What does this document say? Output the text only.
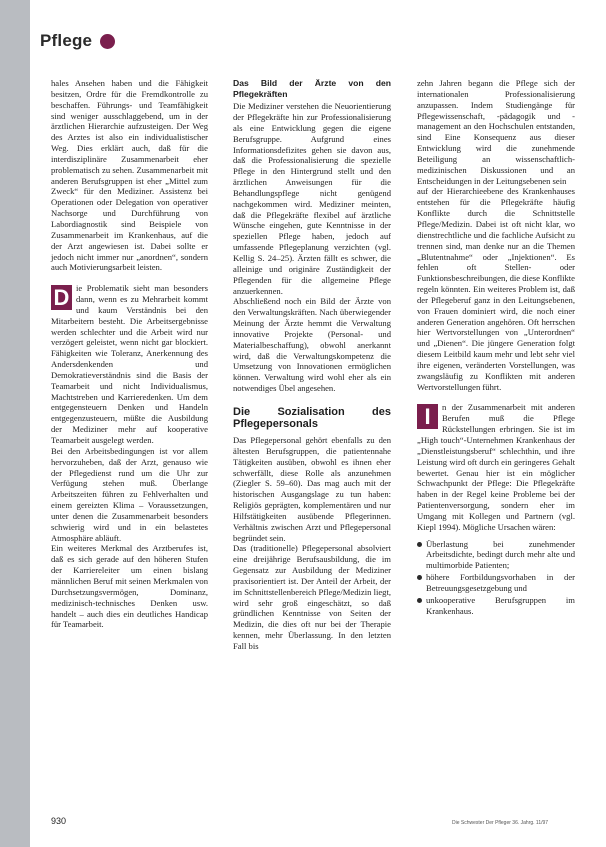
Pflege

hales Ansehen haben und die Fähigkeit besitzen, Ordre für die Fremdkontrolle zu beschaffen. Führungs- und Teamfähigkeit sind weniger ausschlaggebend, um in der ärztlichen Hierarchie aufzusteigen. Der Weg des Arztes ist also ein individualistischer Weg. Dies erklärt auch, daß für die interdisziplinäre Zusammenarbeit eher problematisch zu sehen. Zusammenarbeit mit anderen Berufsgruppen ist eher „Mittel zum Zweck“ für den Mediziner. Assistenz bei Operationen oder Delegation von operativer Nachsorge und Durchführung von Labordiagnostik sind Beispiele von Zusammenarbeit im Krankenhaus, auf die der Arzt angewiesen ist. Dabei sollte er jedoch nicht immer nur „anordnen“, sondern auch Motivierungsarbeit leisten.

D ie Problematik sieht man besonders dann, wenn es zu Mehrarbeit kommt und kaum Verständnis bei den Mitarbeitern besteht. Die Arbeitsergebnisse werden schlechter und die Arbeit wird nur verzögert geleistet, wenn nicht gar blockiert. Fähigkeiten wie Toleranz, Anerkennung des Andersdenkenden und Demokratieverständnis sind die Basis der Teamarbeit und nicht Individualismus, Machtstreben und Karrieredenken. Um dem entgegensteuern Denken und Handeln entgegenzusteuern, müßte die Ausbildung der Mediziner mehr auf kooperative Teamarbeit ausgelegt werden.

Bei den Arbeitsbedingungen ist vor allem hervorzuheben, daß der Arzt, genauso wie der Pflegedienst rund um die Uhr zur Verfügung stehen muß. Überlange Arbeitszeiten führen zu Fehlverhalten und einem gereizten Klima – Voraussetzungen, unter denen die Zusammenarbeit besonders schwierig wird und in ein belastetes Atmosphäre abläuft.

Ein weiteres Merkmal des Arztberufes ist, daß es sich gerade auf den höheren Stufen der Karriereleiter um einen bislang männlichen Beruf mit seinen Merkmalen von Durchsetzungsvermögen, Dominanz, medizinisch-technisches Denken usw. handelt – auch dies ein deutliches Handicap für Teamarbeit.

Das Bild der Ärzte von den Pflegekräften

Die Mediziner verstehen die Neuorientierung der Pflegekräfte hin zur Professionalisierung als eine Entwicklung gegen die eigene Berufsgruppe. Aufgrund eines Informationsdefizites gehen sie davon aus, daß die Professionalisierung die spezielle Pflege in den Hintergrund stellt und den ärztlichen Anweisungen für die Behandlungspflege nicht genügend nachgekommen wird. Mediziner meinten, daß die Pflegekräfte flexibel auf ärztliche Wünsche eingehen, gute Kenntnisse in der speziellen Pflege haben, jedoch auf umfassende Pflegeplanung verzichten (vgl. Kellig S. 24–25). Ärzten fällt es schwer, die alleinige und originäre Zuständigkeit der Pflegenden für die allgemeine Pflege anzuerkennen.

Abschließend noch ein Bild der Ärzte von den Verwaltungskräften. Nach überwiegender Meinung der Ärzte hemmt die Verwaltung innovative Projekte (Personal- und Materialbeschaffung), obwohl anerkannt wird, daß die Verwaltungskompetenz die Umsetzung von Innovationen ermöglichen können. Verwaltung wird wohl eher als ein notwendiges Übel angesehen.

Die Sozialisation des Pflegepersonals

Das Pflegepersonal gehört ebenfalls zu den ältesten Berufsgruppen, die patientennahe Tätigkeiten ausüben, obwohl es ihnen eher schwerfällt, diese Rolle als anzunehmen (Ziegler S. 59–60). Das mag auch mit der historischen Ausgangslage zu tun haben: Religiös geprägten, komplementären und nur Hilfstätigkeiten ausübende Pflegerinnen. Verhältnis zwischen Arzt und Pflegepersonal begründet sein.

Das (traditionelle) Pflegepersonal absolviert eine dreijährige Berufsausbildung, die im Gegensatz zur Ausbildung der Mediziner praxisorientiert ist. Der Anteil der Arbeit, der im Schnittstellenbereich Pflege/Medizin liegt, wird sehr groß eingeschätzt, so daß gründlichen Kenntnisse von Seiten der Medizin, die dies oft nur bei der Therapie kennen, mehr Überlassung. In den letzten Fall bis

zehn Jahren begann die Pflege sich der internationalen Professionalisierung anzupassen. Indem Studiengänge für Pflegewissenschaft, -pädagogik und -management an den Hochschulen entstanden, sind Eine Konsequenz aus dieser Entwicklung wird die zunehmende Beteiligung an wissenschaftlich-medizinischen Diskussionen und an Entscheidungen in der Leitungsebenen sein

auf der Hierarchieebene des Krankenhauses entstehen für die Pflegekräfte häufig Konflikte durch die Schnittstelle Pflege/Medizin. Dabei ist oft nicht klar, wo dienstrechtliche und die fachliche Aufsicht zu trennen sind, man denke nur an die Themen „Blutentnahme“ oder „Injektionen“. Es fehlen oft Stellen- oder Funktionsbeschreibungen, die diese Konflikte regeln könnten. Ein weiteres Problem ist, daß der Pflegeberuf ganz in den Leitungsebenen, von Frauen dominiert wird, die noch einer anderen Generation angehören. Oft herrschen hier Wertvorstellungen von „Unterordnen“ und „Dienen“. Die jüngere Generation folgt diesem Leitbild kaum mehr und lebt sehr viel ihre eigenen, veränderten Vorstellungen, was zwangsläufig zu Konflikten mit anderen Wertvorstellungen führt.

I	n der Zusammenarbeit mit anderen Berufen muß die Pflege Rückstellungen erbringen. Sie ist im „High touch“-Unternehmen Krankenhaus der „Dienstleistungsberuf“ schlechthin, und ihre Leistung wird oft durch ein geringeres Gehalt bewertet. Genau hier ist ein möglicher Schwachpunkt der Pflege: Die Pflegekräfte haben in der Regel keine Probleme bei der Patientenversorgung, sondern eher im Umgang mit Kollegen und Partnern (vgl. Kiepl 1994). Mögliche Ursachen wären:

Überlastung bei zunehmender Arbeitsdichte, bedingt durch mehr alte und multimorbide Patienten;
höhere Fortbildungsvorhaben in der Betreuungsgesetzgebung und
unkooperative Berufsgruppen im Krankenhaus.
930	Die Schwester Der Pfleger 36. Jahrg. 11/97
